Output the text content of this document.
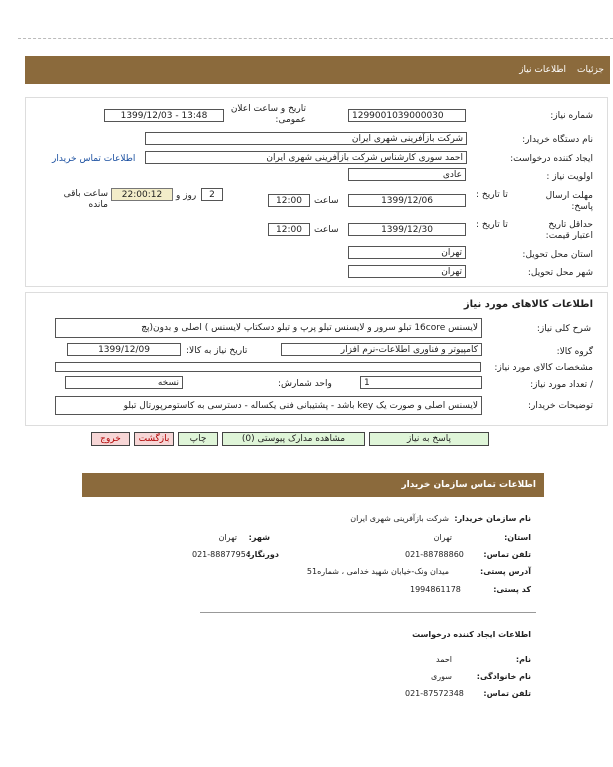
جزئیات
اطلاعات نیاز
شماره نیاز:
1299001039000030
تاریخ و ساعت اعلان عمومی:
1399/12/03 - 13:48
نام دستگاه خریدار:
شرکت بازآفرینی شهری ایران
ایجاد کننده درخواست:
احمد سوری کارشناس شرکت بازآفرینی شهری ایران
اطلاعات تماس خریدار
اولویت نیاز :
عادی
مهلت ارسال پاسخ:
تا تاریخ :
1399/12/06
ساعت
12:00
2
روز و
22:00:12
ساعت باقی مانده
حداقل تاریخ اعتبار قیمت:
تا تاریخ :
1399/12/30
ساعت
12:00
استان محل تحویل:
تهران
شهر محل تحویل:
تهران
اطلاعات کالاهای مورد نیاز
شرح کلی نیاز:
لایسنس 16core تبلو سرور و لایسنس تبلو پرپ و تبلو دسکتاپ لایسنس ) اصلی و بدون(پچ
گروه کالا:
کامپیوتر و فناوری اطلاعات-نرم افزار
تاریخ نیاز به کالا:
1399/12/09
مشخصات کالای مورد نیاز:
/ تعداد مورد نیاز:
1
واحد شمارش:
نسخه
توضیحات خریدار:
لایسنس اصلی و صورت یک key باشد - پشتیبانی فنی یکساله - دسترسی به کاستومرپورتال تبلو
پاسخ به نیاز
مشاهده مدارک پیوستی (0)
چاپ
بازگشت
خروج
اطلاعات تماس سازمان خریدار
نام سازمان خریدار:
شرکت بازآفرینی شهری ایران
استان:
تهران
شهر:
تهران
تلفن تماس:
021-88788860
دورنگار:
021-88877954
آدرس پستی:
میدان ونک-خیابان شهید خدامی ، شماره51
کد پستی:
1994861178
اطلاعات ایجاد کننده درخواست
نام:
احمد
نام خانوادگی:
سوری
تلفن تماس:
021-87572348
